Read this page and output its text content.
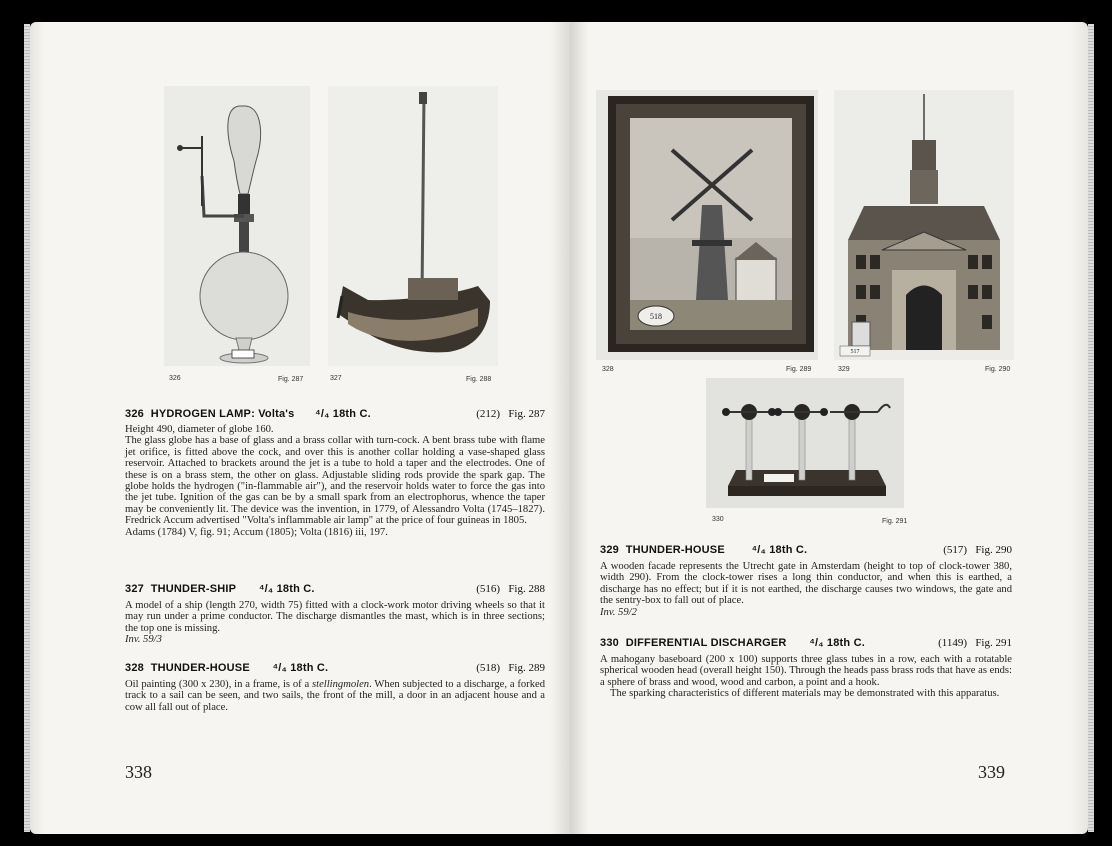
326	Fig. 287	327	Fig. 288
326 HYDROGEN LAMP: Volta's ⁴/₄ 18th C.	(212) Fig. 287

Height 490, diameter of globe 160.

The glass globe has a base of glass and a brass collar with turn-cock. A bent brass tube with flame jet orifice, is fitted above the cock, and over this is another collar holding a vase-shaped glass reservoir. Attached to brackets around the jet is a tube to hold a taper and the electrodes. One of these is on a brass stem, the other on glass. Adjustable sliding rods provide the spark gap. The globe holds the hydrogen ("in-flammable air"), and the reservoir holds water to force the gas into the jet tube. Ignition of the gas can be by a small spark from an electrophorus, whence the taper may be conveniently lit. The device was the invention, in 1779, of Alessandro Volta (1745–1827). Fredrick Accum advertised "Volta's inflammable air lamp" at the price of four guineas in 1805.

Adams (1784) V, fig. 91; Accum (1805); Volta (1816) iii, 197.

327 THUNDER-SHIP ⁴/₄ 18th C.	(516) Fig. 288

A model of a ship (length 270, width 75) fitted with a clock-work motor driving wheels so that it may run under a prime conductor. The discharge dismantles the mast, which is in three sections; the top one is missing.

Inv. 59/3

328 THUNDER-HOUSE ⁴/₄ 18th C.	(518) Fig. 289

Oil painting (300 x 230), in a frame, is of a stellingmolen. When subjected to a discharge, a forked track to a sail can be seen, and two sails, the front of the mill, a door in an adjacent house and a cow all fall out of place.

338
518
328	Fig. 289
517
329	Fig. 290
330	Fig. 291
329 THUNDER-HOUSE ⁴/₄ 18th C.	(517) Fig. 290

A wooden facade represents the Utrecht gate in Amsterdam (height to top of clock-tower 380, width 290). From the clock-tower rises a long thin conductor, and when this is earthed, a discharge has no effect; but if it is not earthed, the discharge causes two windows, the gate and the sentry-box to fall out of place.

Inv. 59/2

330 DIFFERENTIAL DISCHARGER ⁴/₄ 18th C.	(1149) Fig. 291

A mahogany baseboard (200 x 100) supports three glass tubes in a row, each with a rotatable spherical wooden head (overall height 150). Through the heads pass brass rods that have as ends: a sphere of brass and wood, wood and carbon, a point and a hook.

The sparking characteristics of different materials may be demonstrated with this apparatus.

339
